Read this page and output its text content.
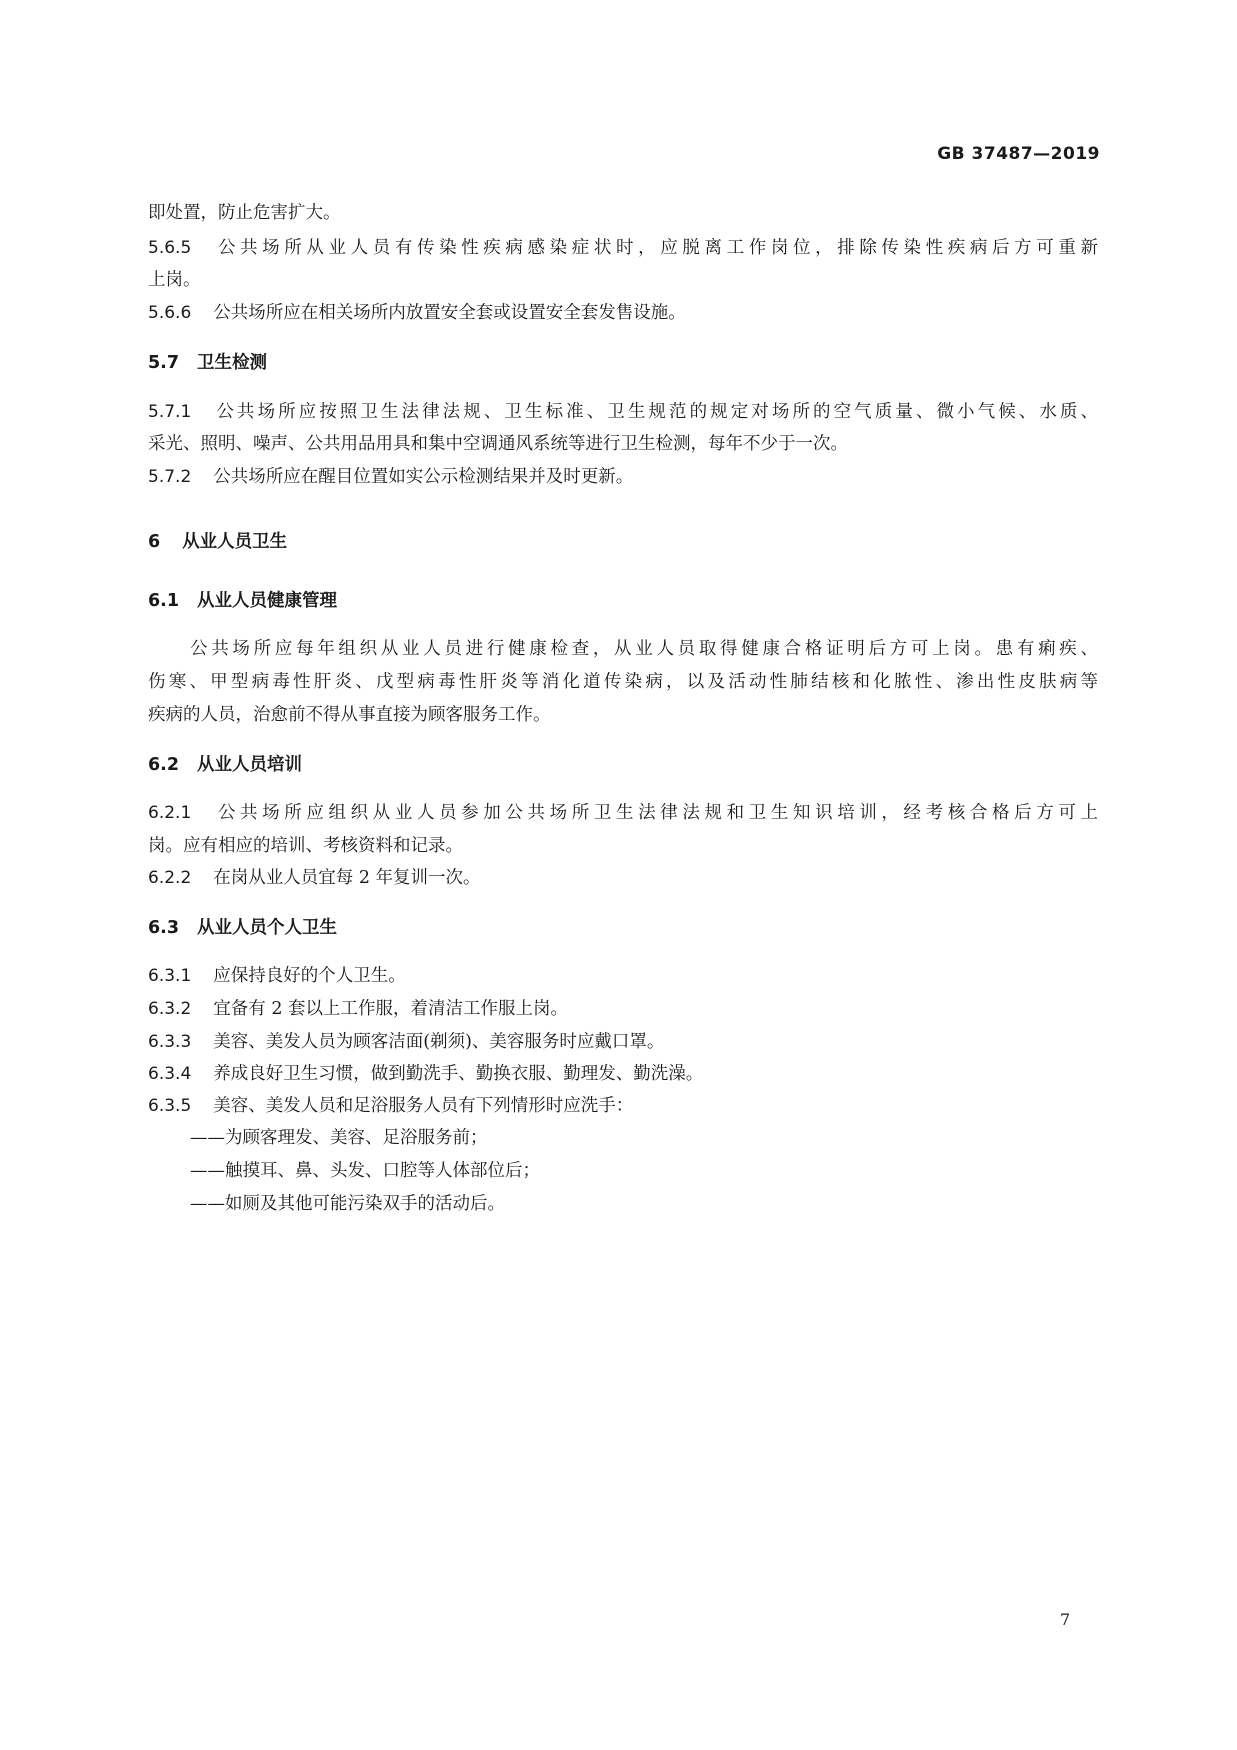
GB 37487—2019
即处置，防止危害扩大。
5.6.5 公共场所从业人员有传染性疾病感染症状时，应脱离工作岗位，排除传染性疾病后方可重新
上岗。
5.6.6 公共场所应在相关场所内放置安全套或设置安全套发售设施。
5.7 卫生检测
5.7.1 公共场所应按照卫生法律法规、卫生标准、卫生规范的规定对场所的空气质量、微小气候、水质、
采光、照明、噪声、公共用品用具和集中空调通风系统等进行卫生检测，每年不少于一次。
5.7.2 公共场所应在醒目位置如实公示检测结果并及时更新。
6 从业人员卫生
6.1 从业人员健康管理
公共场所应每年组织从业人员进行健康检查，从业人员取得健康合格证明后方可上岗。患有痢疾、
伤寒、甲型病毒性肝炎、戊型病毒性肝炎等消化道传染病，以及活动性肺结核和化脓性、渗出性皮肤病等
疾病的人员，治愈前不得从事直接为顾客服务工作。
6.2 从业人员培训
6.2.1 公共场所应组织从业人员参加公共场所卫生法律法规和卫生知识培训，经考核合格后方可上
岗。应有相应的培训、考核资料和记录。
6.2.2 在岗从业人员宜每 2 年复训一次。
6.3 从业人员个人卫生
6.3.1 应保持良好的个人卫生。
6.3.2 宜备有 2 套以上工作服，着清洁工作服上岗。
6.3.3 美容、美发人员为顾客洁面(剃须)、美容服务时应戴口罩。
6.3.4 养成良好卫生习惯，做到勤洗手、勤换衣服、勤理发、勤洗澡。
6.3.5 美容、美发人员和足浴服务人员有下列情形时应洗手：
——为顾客理发、美容、足浴服务前；
——触摸耳、鼻、头发、口腔等人体部位后；
——如厕及其他可能污染双手的活动后。
7
